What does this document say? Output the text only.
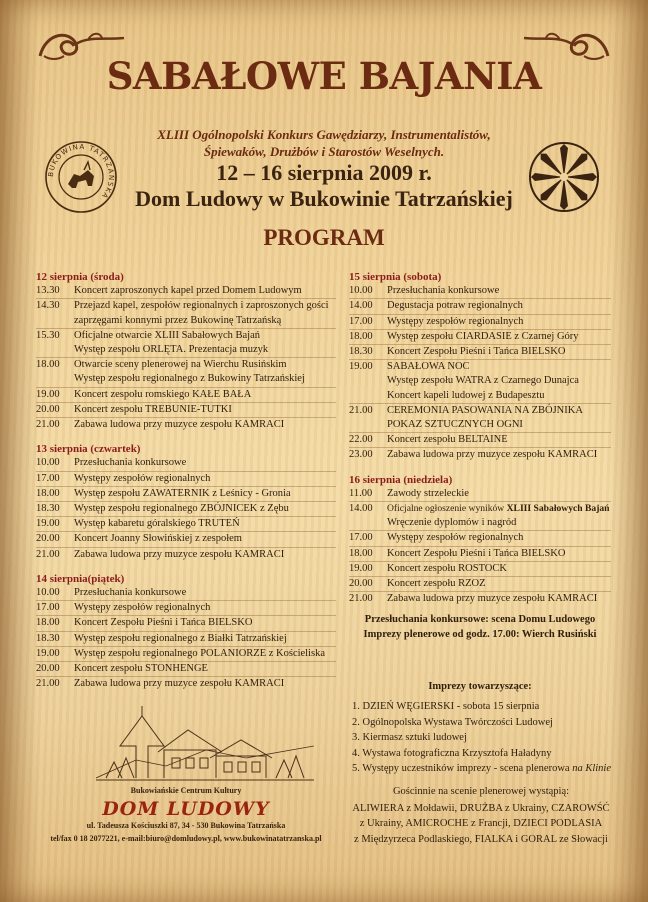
SABAŁOWE BAJANIA
XLIII Ogólnopolski Konkurs Gawędziarzy, Instrumentalistów,
Śpiewaków, Drużbów i Starostów Weselnych.
12 – 16 sierpnia 2009 r.
Dom Ludowy w Bukowinie Tatrzańskiej
PROGRAM
BUKOWINA TATRZAŃSKA
12 sierpnia (środa)
13.30	Koncert zaproszonych kapel przed Domem Ludowym
14.30	Przejazd kapel, zespołów regionalnych i zaproszonych gości
zaprzęgami konnymi przez Bukowinę Tatrzańską
15.30	Oficjalne otwarcie XLIII Sabałowych Bajań
Występ zespołu ORLĘTA. Prezentacja muzyk
18.00	Otwarcie sceny plenerowej na Wierchu Rusińskim
Występ zespołu regionalnego z Bukowiny Tatrzańskiej
19.00	Koncert zespołu romskiego KAŁE BAŁA
20.00	Koncert zespołu TREBUNIE-TUTKI
21.00	Zabawa ludowa przy muzyce zespołu KAMRACI
13 sierpnia (czwartek)
10.00	Przesłuchania konkursowe
17.00	Występy zespołów regionalnych
18.00	Występ zespołu ZAWATERNIK z Leśnicy - Gronia
18.30	Występ zespołu regionalnego ZBÓJNICEK z Zębu
19.00	Występ kabaretu góralskiego TRUTEŃ
20.00	Koncert Joanny Słowińskiej z zespołem
21.00	Zabawa ludowa przy muzyce zespołu KAMRACI
14 sierpnia(piątek)
10.00	Przesłuchania konkursowe
17.00	Występy zespołów regionalnych
18.00	Koncert Zespołu Pieśni i Tańca BIELSKO
18.30	Występ zespołu regionalnego z Białki Tatrzańskiej
19.00	Występ zespołu regionalnego POLANIORZE z Kościeliska
20.00	Koncert zespołu STONHENGE
21.00	Zabawa ludowa przy muzyce zespołu KAMRACI
15 sierpnia (sobota)
10.00	Przesłuchania konkursowe
14.00	Degustacja potraw regionalnych
17.00	Występy zespołów regionalnych
18.00	Występ zespołu CIARDASIE z Czarnej Góry
18.30	Koncert Zespołu Pieśni i Tańca BIELSKO
19.00	SABAŁOWA NOC
Występ zespołu WATRA z Czarnego Dunajca
Koncert kapeli ludowej z Budapesztu
21.00	CEREMONIA PASOWANIA NA ZBÓJNIKA
POKAZ SZTUCZNYCH OGNI
22.00	Koncert zespołu BELTAINE
23.00	Zabawa ludowa przy muzyce zespołu KAMRACI
16 sierpnia (niedziela)
11.00	Zawody strzeleckie
14.00	Oficjalne ogłoszenie wyników XLIII Sabałowych Bajań
Wręczenie dyplomów i nagród
17.00	Występy zespołów regionalnych
18.00	Koncert Zespołu Pieśni i Tańca BIELSKO
19.00	Koncert zespołu ROSTOCK
20.00	Koncert zespołu RZOZ
21.00	Zabawa ludowa przy muzyce zespołu KAMRACI
Przesłuchania konkursowe: scena Domu Ludowego
Imprezy plenerowe od godz. 17.00: Wierch Rusiński
Imprezy towarzyszące:
1. DZIEŃ WĘGIERSKI - sobota 15 sierpnia
2. Ogólnopolska Wystawa Twórczości Ludowej
3. Kiermasz sztuki ludowej
4. Wystawa fotograficzna Krzysztofa Haładyny
5. Występy uczestników imprezy - scena plenerowa na Klinie
Gościnnie na scenie plenerowej wystąpią:
ALIWIERA z Mołdawii, DRUŻBA z Ukrainy, CZAROWŚĆ
z Ukrainy, AMICROCHE z Francji, DZIECI PODLASIA
z Międzyrzeca Podlaskiego, FIALKA i GORAL ze Słowacji
Bukowiańskie Centrum Kultury
DOM LUDOWY
ul. Tadeusza Kościuszki 87, 34 - 530 Bukowina Tatrzańska
tel/fax 0 18 2077221, e-mail:biuro@domludowy.pl, www.bukowinatatrzanska.pl
